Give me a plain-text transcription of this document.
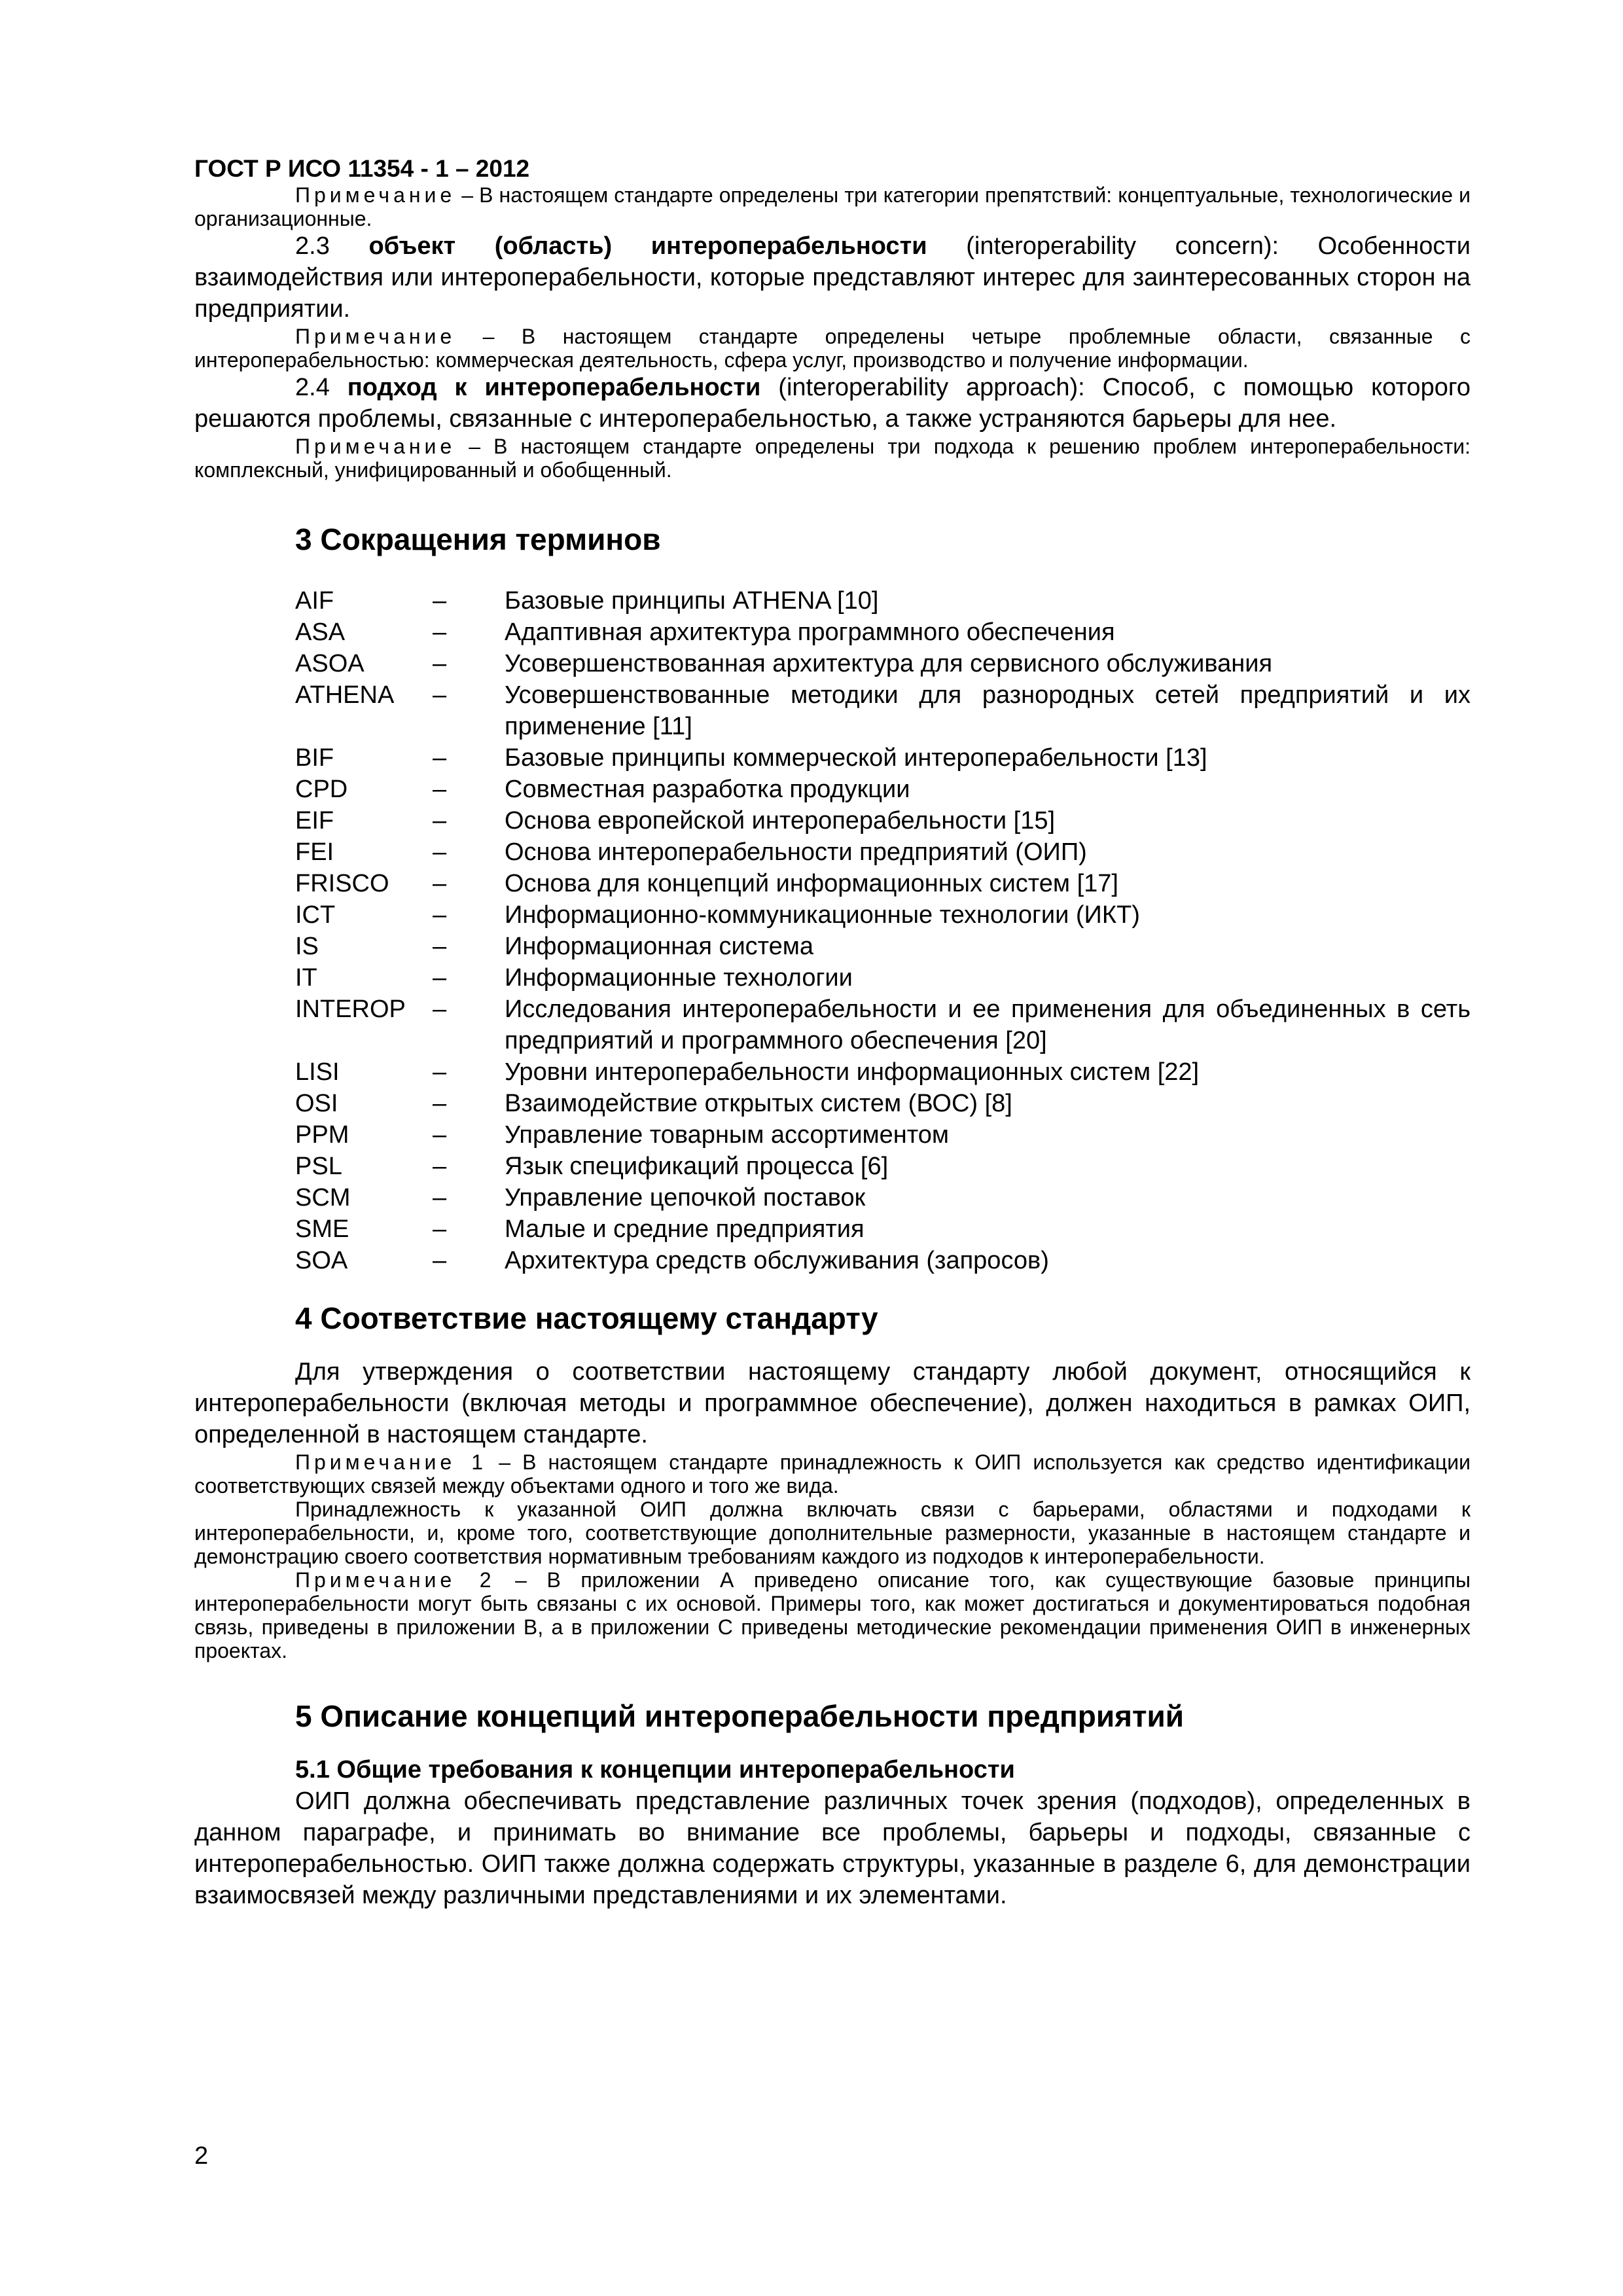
ГОСТ Р ИСО 11354 - 1 – 2012

Примечание – В настоящем стандарте определены три категории препятствий: концептуальные, технологические и организационные.

2.3 объект (область) интероперабельности (interoperability concern): Особенности взаимодействия или интероперабельности, которые представляют интерес для заинтересованных сторон на предприятии.

Примечание – В настоящем стандарте определены четыре проблемные области, связанные с интероперабельностью: коммерческая деятельность, сфера услуг, производство и получение информации.

2.4 подход к интероперабельности (interoperability approach): Способ, с помощью которого решаются проблемы, связанные с интероперабельностью, а также устраняются барьеры для нее.

Примечание – В настоящем стандарте определены три подхода к решению проблем интероперабельности: комплексный, унифицированный и обобщенный.

3 Сокращения терминов
AIF	–	Базовые принципы ATHENA [10]
ASA	–	Адаптивная архитектура программного обеспечения
ASOA	–	Усовершенствованная архитектура для сервисного обслуживания
ATHENA	–	Усовершенствованные методики для разнородных сетей предприятий и их применение [11]
BIF	–	Базовые принципы коммерческой интероперабельности [13]
CPD	–	Совместная разработка продукции
EIF	–	Основа европейской интероперабельности [15]
FEI	–	Основа интероперабельности предприятий (ОИП)
FRISCO	–	Основа для концепций информационных систем [17]
ICT	–	Информационно-коммуникационные технологии (ИКТ)
IS	–	Информационная система
IT	–	Информационные технологии
INTEROP	–	Исследования интероперабельности и ее применения для объединенных в сеть предприятий и программного обеспечения [20]
LISI	–	Уровни интероперабельности информационных систем [22]
OSI	–	Взаимодействие открытых систем (ВОС) [8]
PPM	–	Управление товарным ассортиментом
PSL	–	Язык спецификаций процесса [6]
SCM	–	Управление цепочкой поставок
SME	–	Малые и средние предприятия
SOA	–	Архитектура средств обслуживания (запросов)
4 Соответствие настоящему стандарту

Для утверждения о соответствии настоящему стандарту любой документ, относящийся к интероперабельности (включая методы и программное обеспечение), должен находиться в рамках ОИП, определенной в настоящем стандарте.

Примечание 1 – В настоящем стандарте принадлежность к ОИП используется как средство идентификации соответствующих связей между объектами одного и того же вида.

Принадлежность к указанной ОИП должна включать связи с барьерами, областями и подходами к интероперабельности, и, кроме того, соответствующие дополнительные размерности, указанные в настоящем стандарте и демонстрацию своего соответствия нормативным требованиям каждого из подходов к интероперабельности.

Примечание 2 – В приложении А приведено описание того, как существующие базовые принципы интероперабельности могут быть связаны с их основой. Примеры того, как может достигаться и документироваться подобная связь, приведены в приложении В, а в приложении С приведены методические рекомендации применения ОИП в инженерных проектах.

5 Описание концепций интероперабельности предприятий
5.1 Общие требования к концепции интероперабельности

ОИП должна обеспечивать представление различных точек зрения (подходов), определенных в данном параграфе, и принимать во внимание все проблемы, барьеры и подходы, связанные с интероперабельностью. ОИП также должна содержать структуры, указанные в разделе 6, для демонстрации взаимосвязей между различными представлениями и их элементами.

2
